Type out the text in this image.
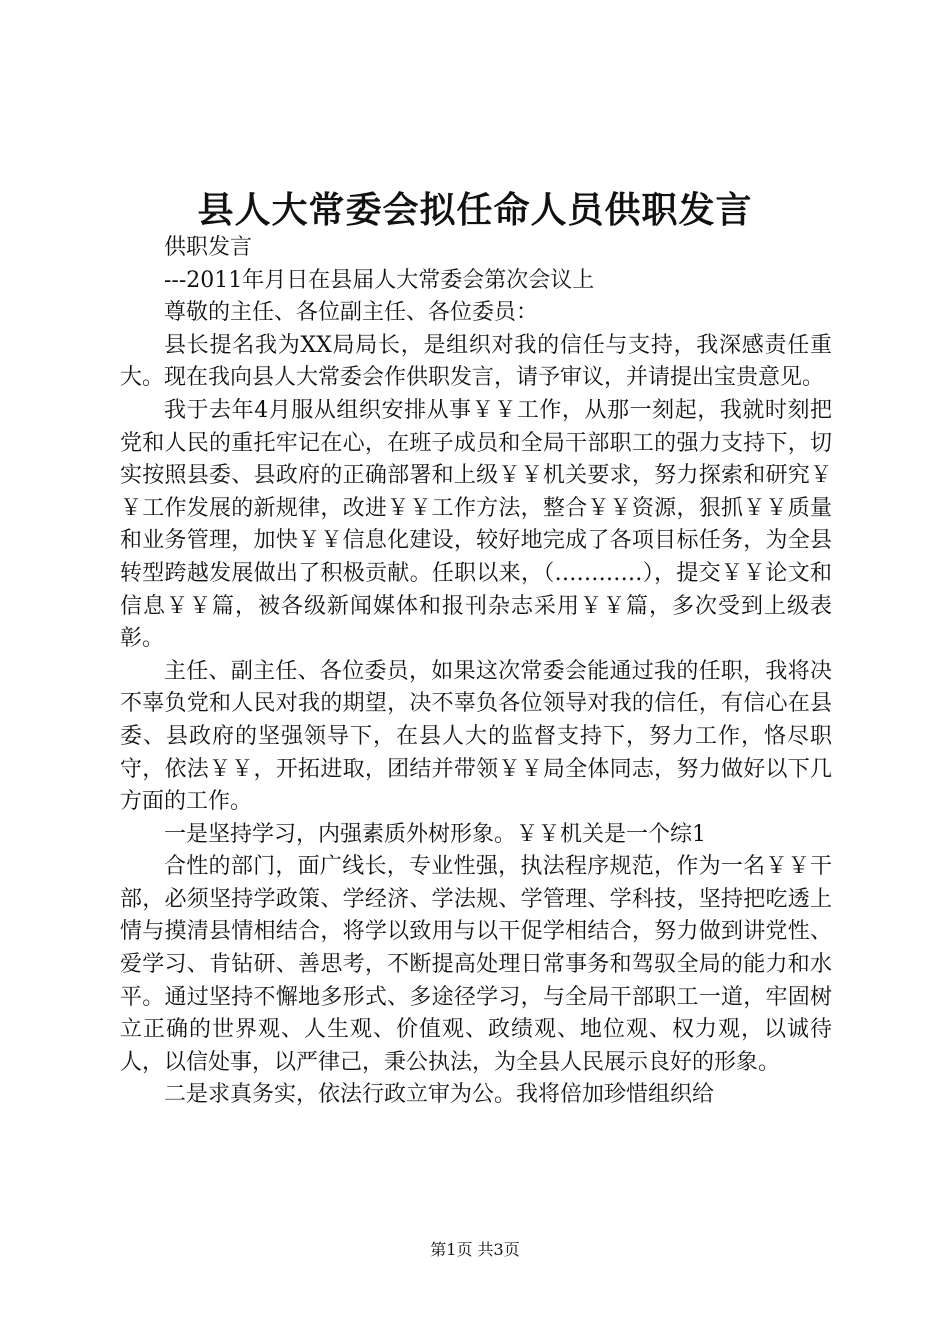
县人大常委会拟任命人员供职发言

供职发言

---2011年月日在县届人大常委会第次会议上

尊敬的主任、各位副主任、各位委员：

县长提名我为XX局局长，是组织对我的信任与支持，我深感责任重大。现在我向县人大常委会作供职发言，请予审议，并请提出宝贵意见。

我于去年4月服从组织安排从事￥￥工作，从那一刻起，我就时刻把党和人民的重托牢记在心，在班子成员和全局干部职工的强力支持下，切实按照县委、县政府的正确部署和上级￥￥机关要求，努力探索和研究￥￥工作发展的新规律，改进￥￥工作方法，整合￥￥资源，狠抓￥￥质量和业务管理，加快￥￥信息化建设，较好地完成了各项目标任务，为全县转型跨越发展做出了积极贡献。任职以来，（…………），提交￥￥论文和信息￥￥篇，被各级新闻媒体和报刊杂志采用￥￥篇，多次受到上级表彰。

主任、副主任、各位委员，如果这次常委会能通过我的任职，我将决不辜负党和人民对我的期望，决不辜负各位领导对我的信任，有信心在县委、县政府的坚强领导下，在县人大的监督支持下，努力工作，恪尽职守，依法￥￥，开拓进取，团结并带领￥￥局全体同志，努力做好以下几方面的工作。

一是坚持学习，内强素质外树形象。￥￥机关是一个综1

合性的部门，面广线长，专业性强，执法程序规范，作为一名￥￥干部，必须坚持学政策、学经济、学法规、学管理、学科技，坚持把吃透上情与摸清县情相结合，将学以致用与以干促学相结合，努力做到讲党性、爱学习、肯钻研、善思考，不断提高处理日常事务和驾驭全局的能力和水平。通过坚持不懈地多形式、多途径学习，与全局干部职工一道，牢固树立正确的世界观、人生观、价值观、政绩观、地位观、权力观，以诚待人，以信处事，以严律己，秉公执法，为全县人民展示良好的形象。

二是求真务实，依法行政立审为公。我将倍加珍惜组织给

第1页 共3页
